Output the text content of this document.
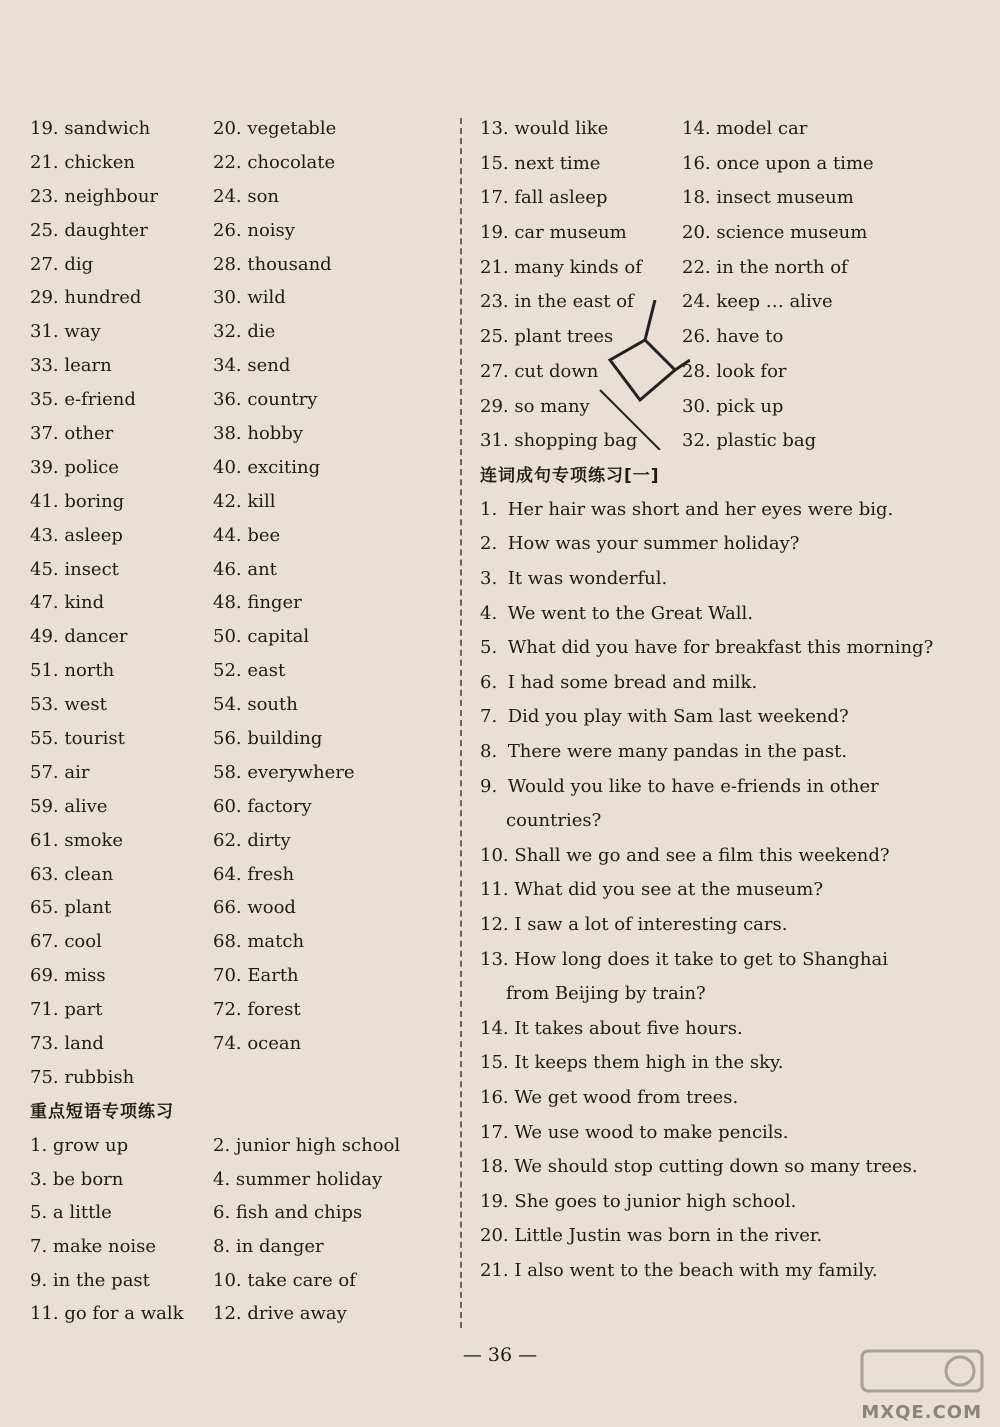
19. sandwich	20. vegetable
21. chicken	22. chocolate
23. neighbour	24. son
25. daughter	26. noisy
27. dig	28. thousand
29. hundred	30. wild
31. way	32. die
33. learn	34. send
35. e-friend	36. country
37. other	38. hobby
39. police	40. exciting
41. boring	42. kill
43. asleep	44. bee
45. insect	46. ant
47. kind	48. finger
49. dancer	50. capital
51. north	52. east
53. west	54. south
55. tourist	56. building
57. air	58. everywhere
59. alive	60. factory
61. smoke	62. dirty
63. clean	64. fresh
65. plant	66. wood
67. cool	68. match
69. miss	70. Earth
71. part	72. forest
73. land	74. ocean
75. rubbish
重点短语专项练习
1. grow up	2. junior high school
3. be born	4. summer holiday
5. a little	6. fish and chips
7. make noise	8. in danger
9. in the past	10. take care of
11. go for a walk	12. drive away
13. would like	14. model car
15. next time	16. once upon a time
17. fall asleep	18. insect museum
19. car museum	20. science museum
21. many kinds of	22. in the north of
23. in the east of	24. keep … alive
25. plant trees	26. have to
27. cut down	28. look for
29. so many	30. pick up
31. shopping bag	32. plastic bag
连词成句专项练习[一]
1. Her hair was short and her eyes were big.
2. How was your summer holiday?
3. It was wonderful.
4. We went to the Great Wall.
5. What did you have for breakfast this morning?
6. I had some bread and milk.
7. Did you play with Sam last weekend?
8. There were many pandas in the past.
9. Would you like to have e-friends in other
countries?
10. Shall we go and see a film this weekend?
11. What did you see at the museum?
12. I saw a lot of interesting cars.
13. How long does it take to get to Shanghai
from Beijing by train?
14. It takes about five hours.
15. It keeps them high in the sky.
16. We get wood from trees.
17. We use wood to make pencils.
18. We should stop cutting down so many trees.
19. She goes to junior high school.
20. Little Justin was born in the river.
21. I also went to the beach with my family.
— 36 —
MXQE.COM
